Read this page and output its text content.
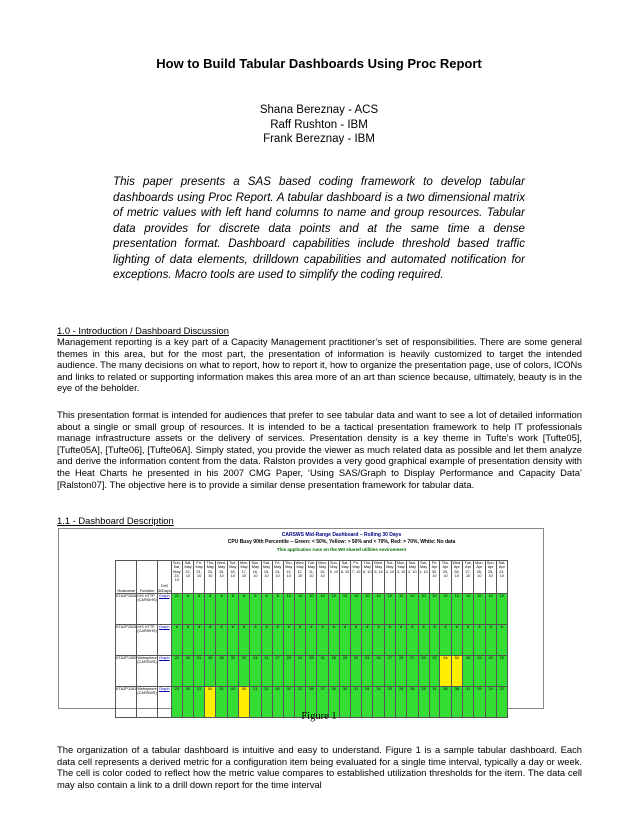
How to Build Tabular Dashboards Using Proc Report
Shana Bereznay - ACS
Raff Rushton - IBM
Frank Bereznay - IBM
This paper presents a SAS based coding framework to develop tabular dashboards using Proc Report. A tabular dashboard is a two dimensional matrix of metric values with left hand columns to name and group resources. Tabular data provides for discrete data points and at the same time a dense presentation format. Dashboard capabilities include threshold based traffic lighting of data elements, drilldown capabilities and automated notification for exceptions. Macro tools are used to simplify the coding required.
1.0 - Introduction / Dashboard Discussion
Management reporting is a key part of a Capacity Management practitioner’s set of responsibilities. There are some general themes in this area, but for the most part, the presentation of information is heavily customized to target the intended audience. The many decisions on what to report, how to report it, how to organize the presentation page, use of colors, ICONs and links to related or supporting information makes this area more of an art than science because, ultimately, beauty is in the eye of the beholder.
This presentation format is intended for audiences that prefer to see tabular data and want to see a lot of detailed information about a single or small group of resources. It is intended to be a tactical presentation framework to help IT professionals manage infrastructure assets or the delivery of services. Presentation density is a key theme in Tufte’s work [Tufte05], [Tufte05A], [Tufte06], [Tufte06A]. Simply stated, you provide the viewer as much related data as possible and let them analyze and derive the information content from the data. Ralston provides a very good graphical example of presentation density with the Heat Charts he presented in his 2007 CMG Paper, ‘Using SAS/Graph to Display Performance and Capacity Data’ [Ralston07]. The objective here is to provide a similar dense presentation framework for tabular data.
1.1 - Dashboard Description
CARSWS Mid-Range Dashboard – Rolling 30 Days
CPU Busy 90th Percentile – Green: < 50%, Yellow: > 50% and < 70%, Red: > 70%, White: No data
This application runs on the WII shared utilities environment
Hostname	Function	Drill 30Days	Sun, Sat, May 23, 10	Sat, May 22, 10	Fri, May 21, 10	Thu, May 20, 10	Wed, May 19, 10	Tue, May 18, 10	Mon, May 17, 10	Sun, May 16, 10	Sat, May 15, 10	Fri, May 14, 10	Thu, May 13, 10	Wed, May 12, 10	Tue, May 11, 10	Mon, May 10, 10	Sun, May 9, 10	Sat, May 8, 10	Fri, May 7, 10	Thu, May 6, 10	Wed, May 5, 10	Tue, May 4, 10	Mon, May 3, 10	Sun, May 2, 10	Sat, May 1, 10	Fri, Apr 30, 10	Thu, Apr 29, 10	Wed, Apr 28, 10	Tue, Apr 27, 10	Mon, Apr 26, 10	Sun, Apr 25, 10	Sat, Apr 24, 10
KTAZP2526	IHS HTTP (CARSIHS)	Graph	21	8	8	8	8	8	8	8	8	8	10	10	10	10	10	10	10	10	10	10	10	10	10	10	10	10	10	10	10	10
KTAZP2525	IHS HTTP (CARSIHS)	Graph	8	8	8	8	8	8	8	8	8	8	8	8	8	8	8	8	8	8	8	8	8	8	8	8	8	8	8	8	8	8
KTAZP1260	Websphere (CARSWS)	Graph	22	26	31	40	35	30	32	24	31	27	28	24	28	31	28	29	23	24	24	27	26	27	28	22	54	52	43	19	25	22
KTAZP1261	Websphere (CARSWS)	Graph	23	30	31	50	31	42	50	21	32	40	31	22	38	37	26	30	31	24	31	25	26	28	28	31	36	38	31	29	24	22
Figure 1
The organization of a tabular dashboard is intuitive and easy to understand. Figure 1 is a sample tabular dashboard. Each data cell represents a derived metric for a configuration item being evaluated for a single time interval, typically a day or week. The cell is color coded to reflect how the metric value compares to established utilization thresholds for the item. The data cell may also contain a link to a drill down report for the time interval
